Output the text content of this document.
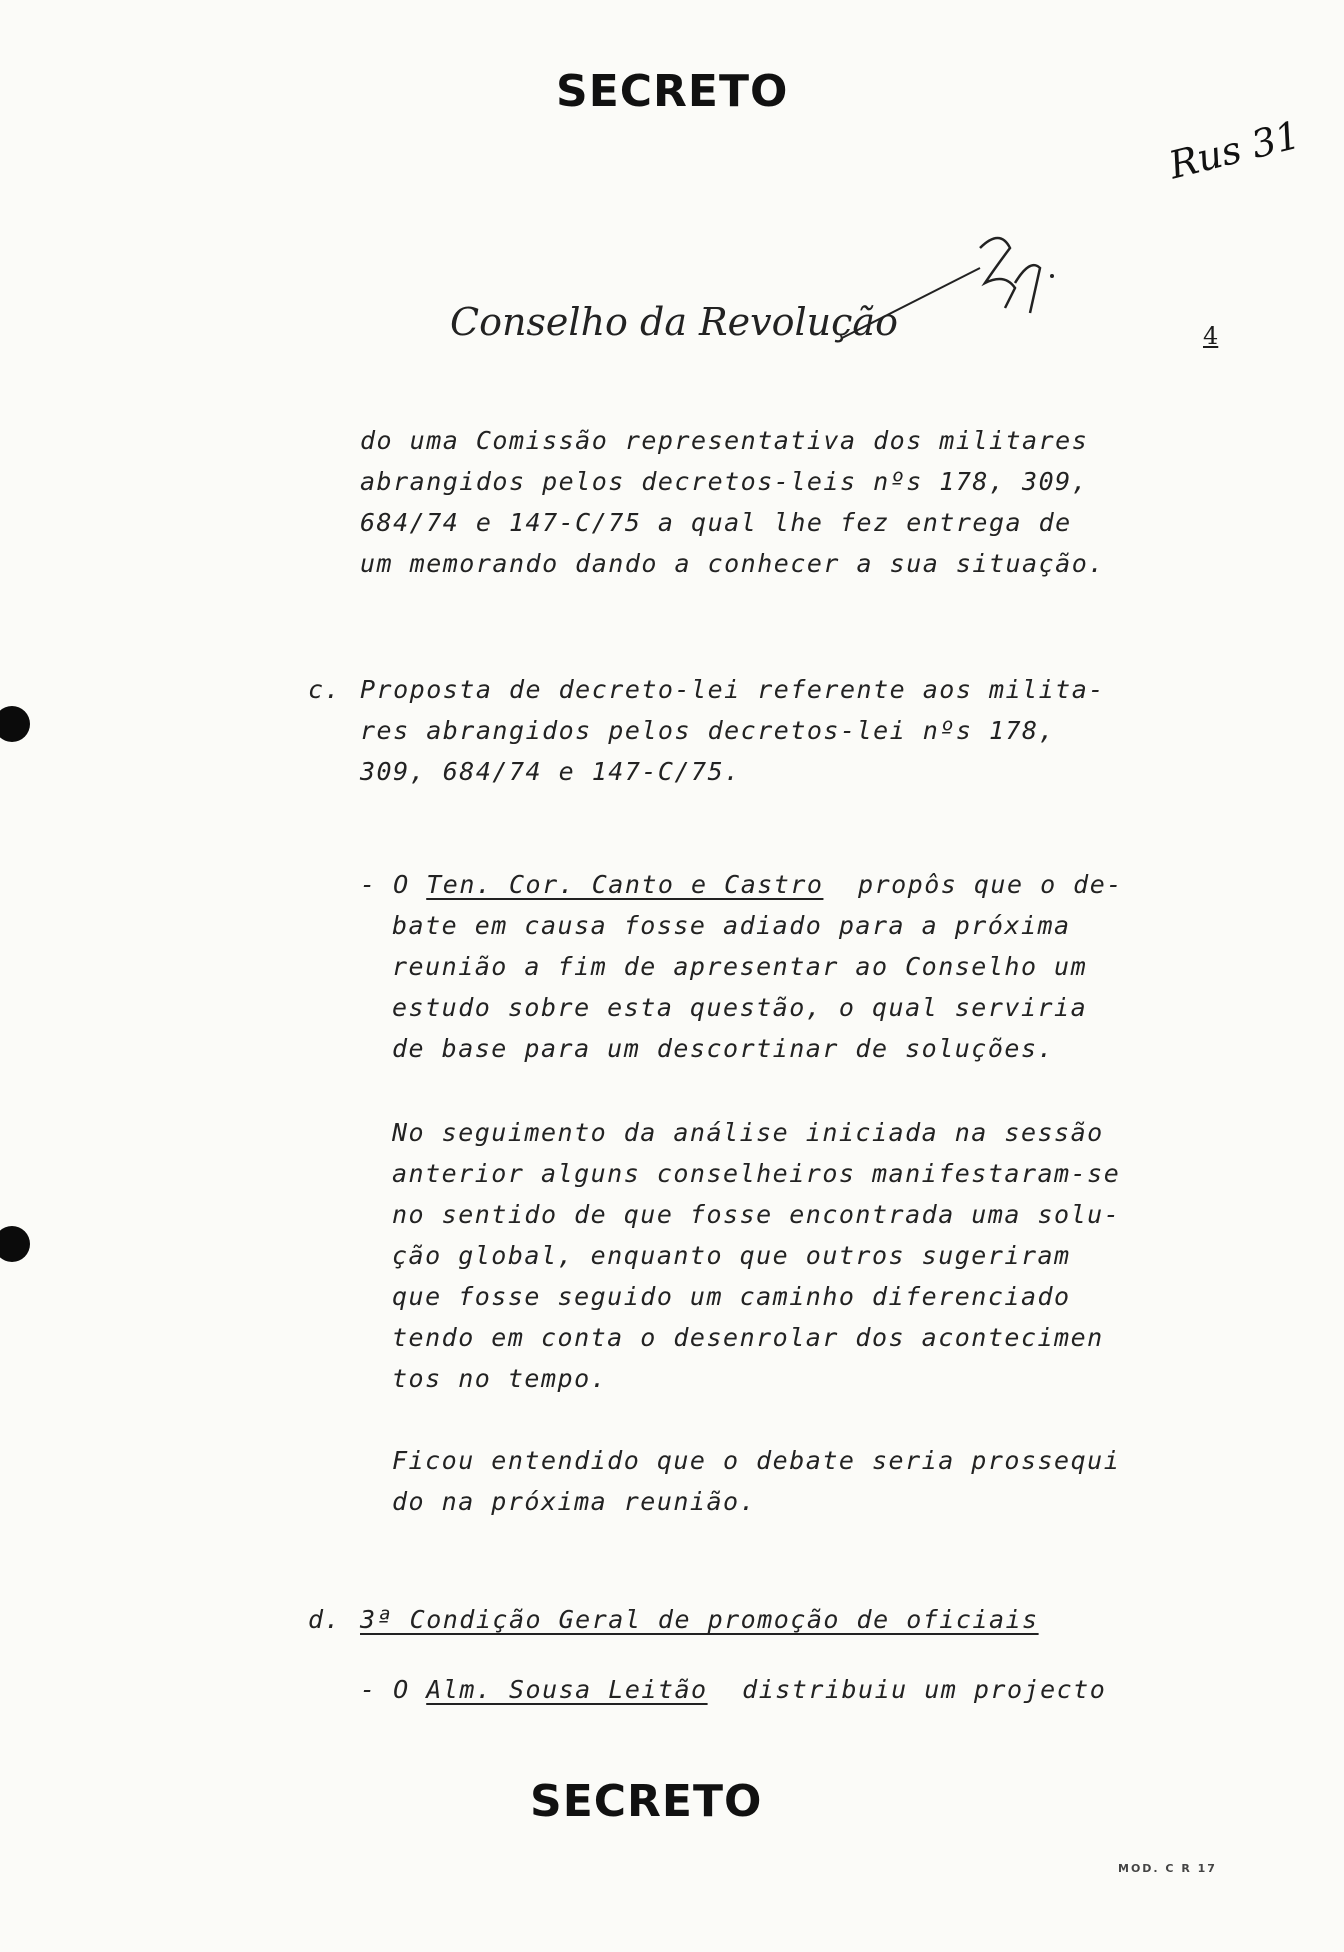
SECRETO
Rus 31
Conselho da Revolução	4
do uma Comissão representativa dos militares
abrangidos pelos decretos-leis nºs 178, 309,
684/74 e 147-C/75 a qual lhe fez entrega de
um memorando dando a conhecer a sua situação.
c. Proposta de decreto-lei referente aos milita-
res abrangidos pelos decretos-lei nºs 178,
309, 684/74 e 147-C/75.
- O Ten. Cor. Canto e Castro propôs que o de-
bate em causa fosse adiado para a próxima
reunião a fim de apresentar ao Conselho um
estudo sobre esta questão, o qual serviria
de base para um descortinar de soluções.
No seguimento da análise iniciada na sessão
anterior alguns conselheiros manifestaram-se
no sentido de que fosse encontrada uma solu-
ção global, enquanto que outros sugeriram
que fosse seguido um caminho diferenciado
tendo em conta o desenrolar dos acontecimen
tos no tempo.
Ficou entendido que o debate seria prossequi
do na próxima reunião.
d. 3ª Condição Geral de promoção de oficiais
- O Alm. Sousa Leitão distribuiu um projecto
SECRETO
MOD. C R 17
